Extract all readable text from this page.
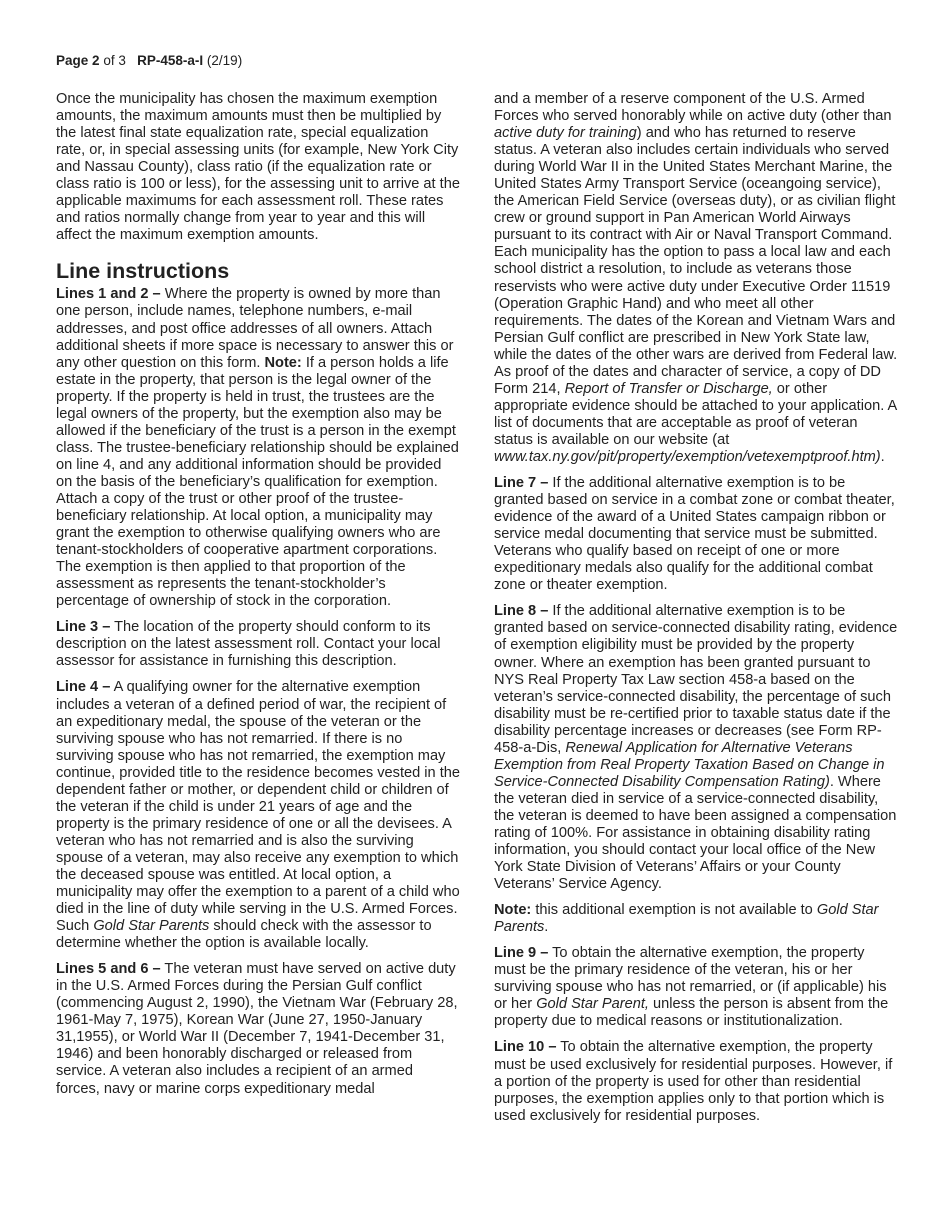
Page 2 of 3 RP-458-a-I (2/19)

Once the municipality has chosen the maximum exemption amounts, the maximum amounts must then be multiplied by the latest final state equalization rate, special equalization rate, or, in special assessing units (for example, New York City and Nassau County), class ratio (if the equalization rate or class ratio is 100 or less), for the assessing unit to arrive at the applicable maximums for each assessment roll. These rates and ratios normally change from year to year and this will affect the maximum exemption amounts.

Line instructions

Lines 1 and 2 – Where the property is owned by more than one person, include names, telephone numbers, e-mail addresses, and post office addresses of all owners. Attach additional sheets if more space is necessary to answer this or any other question on this form. Note: If a person holds a life estate in the property, that person is the legal owner of the property. If the property is held in trust, the trustees are the legal owners of the property, but the exemption also may be allowed if the beneficiary of the trust is a person in the exempt class. The trustee-beneficiary relationship should be explained on line 4, and any additional information should be provided on the basis of the beneficiary’s qualification for exemption. Attach a copy of the trust or other proof of the trustee-beneficiary relationship. At local option, a municipality may grant the exemption to otherwise qualifying owners who are tenant-stockholders of cooperative apartment corporations. The exemption is then applied to that proportion of the assessment as represents the tenant-stockholder’s percentage of ownership of stock in the corporation.

Line 3 – The location of the property should conform to its description on the latest assessment roll. Contact your local assessor for assistance in furnishing this description.

Line 4 – A qualifying owner for the alternative exemption includes a veteran of a defined period of war, the recipient of an expeditionary medal, the spouse of the veteran or the surviving spouse who has not remarried. If there is no surviving spouse who has not remarried, the exemption may continue, provided title to the residence becomes vested in the dependent father or mother, or dependent child or children of the veteran if the child is under 21 years of age and the property is the primary residence of one or all the devisees. A veteran who has not remarried and is also the surviving spouse of a veteran, may also receive any exemption to which the deceased spouse was entitled. At local option, a municipality may offer the exemption to a parent of a child who died in the line of duty while serving in the U.S. Armed Forces. Such Gold Star Parents should check with the assessor to determine whether the option is available locally.

Lines 5 and 6 – The veteran must have served on active duty in the U.S. Armed Forces during the Persian Gulf conflict (commencing August 2, 1990), the Vietnam War (February 28, 1961-May 7, 1975), Korean War (June 27, 1950-January 31,1955), or World War II (December 7, 1941-December 31, 1946) and been honorably discharged or released from service. A veteran also includes a recipient of an armed forces, navy or marine corps expeditionary medal

and a member of a reserve component of the U.S. Armed Forces who served honorably while on active duty (other than active duty for training) and who has returned to reserve status. A veteran also includes certain individuals who served during World War II in the United States Merchant Marine, the United States Army Transport Service (oceangoing service), the American Field Service (overseas duty), or as civilian flight crew or ground support in Pan American World Airways pursuant to its contract with Air or Naval Transport Command. Each municipality has the option to pass a local law and each school district a resolution, to include as veterans those reservists who were active duty under Executive Order 11519 (Operation Graphic Hand) and who meet all other requirements. The dates of the Korean and Vietnam Wars and Persian Gulf conflict are prescribed in New York State law, while the dates of the other wars are derived from Federal law. As proof of the dates and character of service, a copy of DD Form 214, Report of Transfer or Discharge, or other appropriate evidence should be attached to your application. A list of documents that are acceptable as proof of veteran status is available on our website (at www.tax.ny.gov/pit/property/exemption/vetexemptproof.htm).

Line 7 – If the additional alternative exemption is to be granted based on service in a combat zone or combat theater, evidence of the award of a United States campaign ribbon or service medal documenting that service must be submitted. Veterans who qualify based on receipt of one or more expeditionary medals also qualify for the additional combat zone or theater exemption.

Line 8 – If the additional alternative exemption is to be granted based on service-connected disability rating, evidence of exemption eligibility must be provided by the property owner. Where an exemption has been granted pursuant to NYS Real Property Tax Law section 458-a based on the veteran’s service-connected disability, the percentage of such disability must be re-certified prior to taxable status date if the disability percentage increases or decreases (see Form RP-458-a-Dis, Renewal Application for Alternative Veterans Exemption from Real Property Taxation Based on Change in Service-Connected Disability Compensation Rating). Where the veteran died in service of a service-connected disability, the veteran is deemed to have been assigned a compensation rating of 100%. For assistance in obtaining disability rating information, you should contact your local office of the New York State Division of Veterans’ Affairs or your County Veterans’ Service Agency.

Note: this additional exemption is not available to Gold Star Parents.

Line 9 – To obtain the alternative exemption, the property must be the primary residence of the veteran, his or her surviving spouse who has not remarried, or (if applicable) his or her Gold Star Parent, unless the person is absent from the property due to medical reasons or institutionalization.

Line 10 – To obtain the alternative exemption, the property must be used exclusively for residential purposes. However, if a portion of the property is used for other than residential purposes, the exemption applies only to that portion which is used exclusively for residential purposes.
